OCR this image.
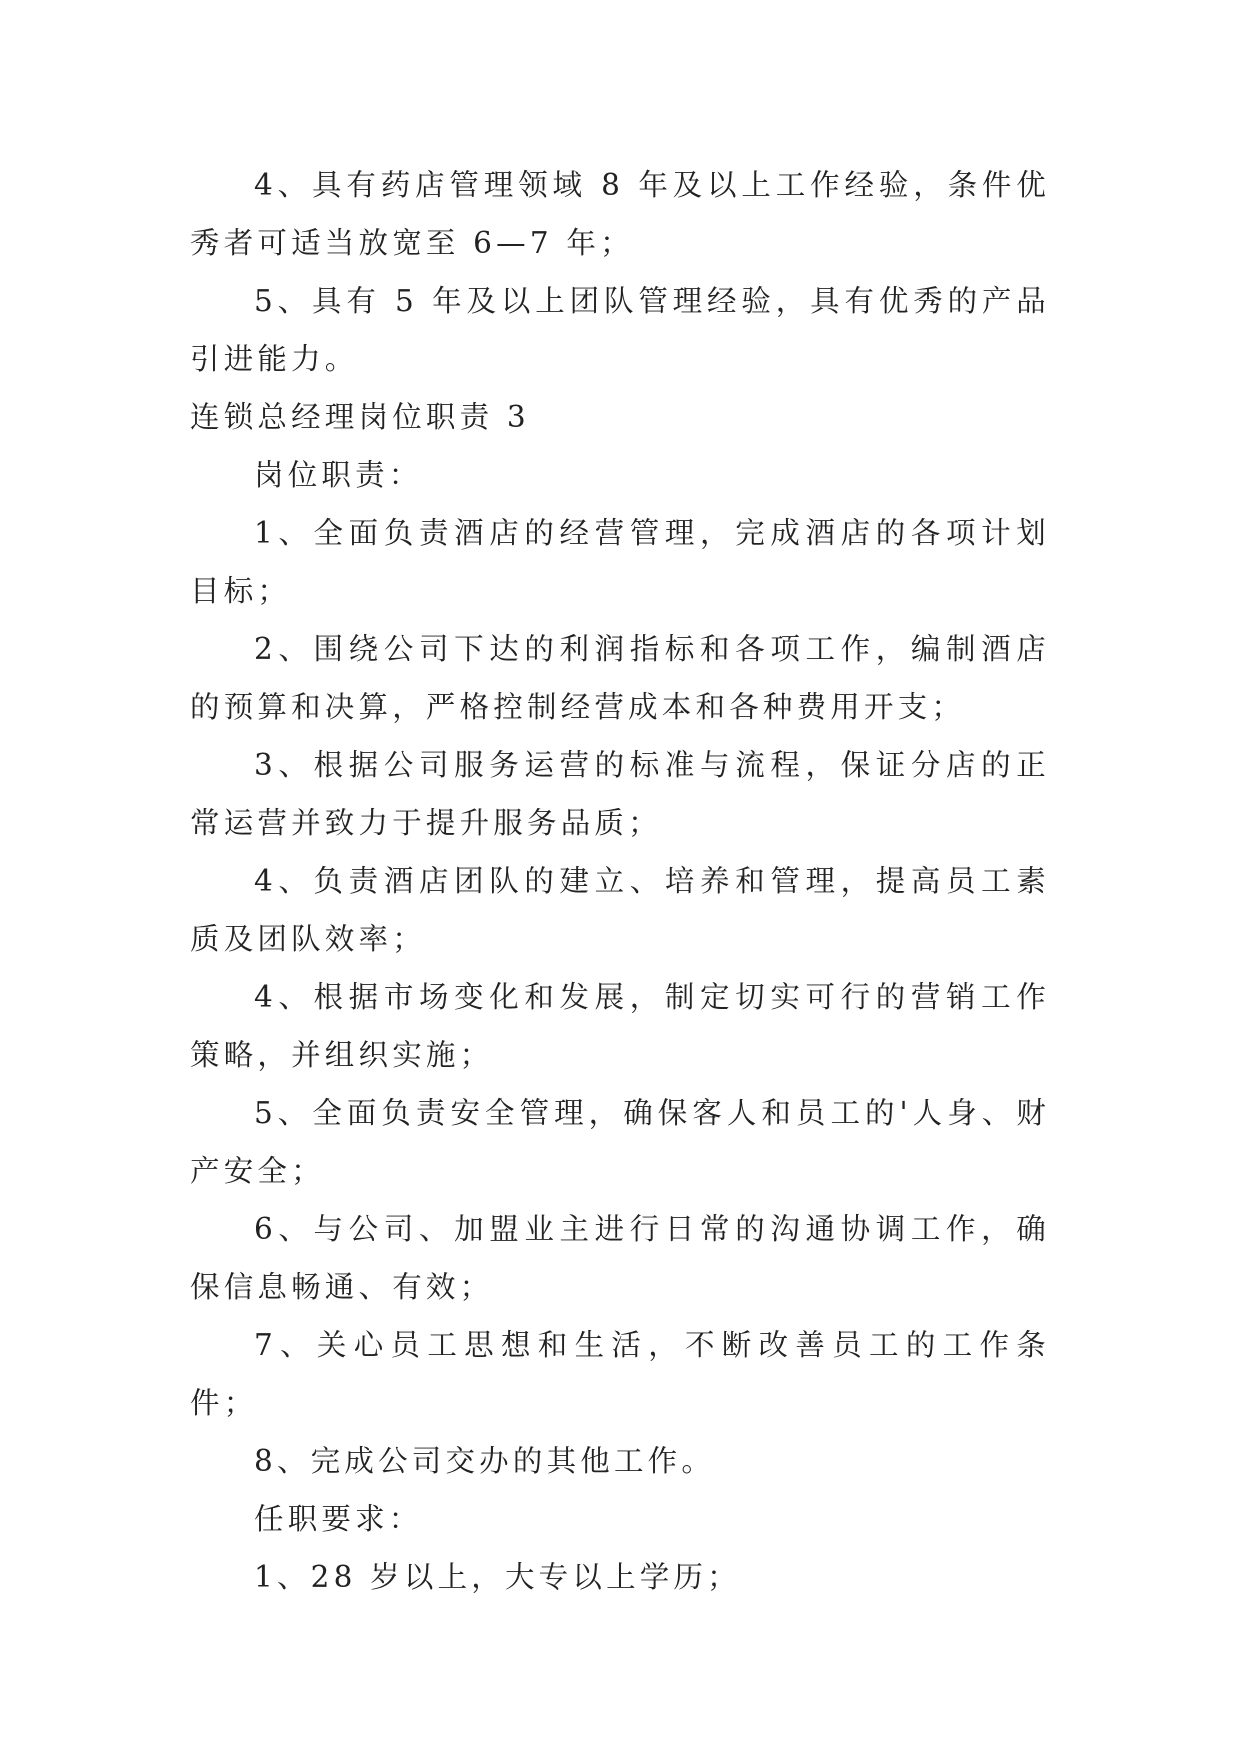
4、具有药店管理领域 8 年及以上工作经验，条件优秀者可适当放宽至 6—7 年；

5、具有 5 年及以上团队管理经验，具有优秀的产品引进能力。

连锁总经理岗位职责 3

岗位职责：

1、全面负责酒店的经营管理，完成酒店的各项计划目标；

2、围绕公司下达的利润指标和各项工作，编制酒店的预算和决算，严格控制经营成本和各种费用开支；

3、根据公司服务运营的标准与流程，保证分店的正常运营并致力于提升服务品质；

4、负责酒店团队的建立、培养和管理，提高员工素质及团队效率；

4、根据市场变化和发展，制定切实可行的营销工作策略，并组织实施；

5、全面负责安全管理，确保客人和员工的'人身、财产安全；

6、与公司、加盟业主进行日常的沟通协调工作，确保信息畅通、有效；

7、关心员工思想和生活，不断改善员工的工作条件；

8、完成公司交办的其他工作。

任职要求：

1、28 岁以上，大专以上学历；
